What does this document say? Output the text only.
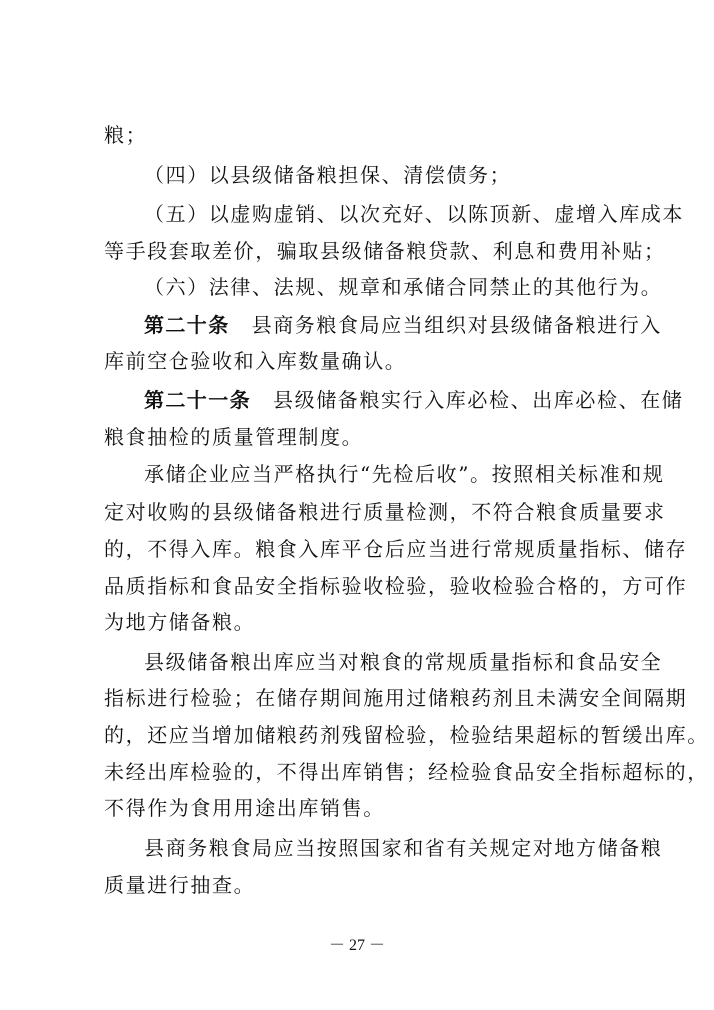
粮；
（四）以县级储备粮担保、清偿债务；
（五）以虚购虚销、以次充好、以陈顶新、虚增入库成本
等手段套取差价，骗取县级储备粮贷款、利息和费用补贴；
（六）法律、法规、规章和承储合同禁止的其他行为。
第二十条 县商务粮食局应当组织对县级储备粮进行入
库前空仓验收和入库数量确认。
第二十一条 县级储备粮实行入库必检、出库必检、在储
粮食抽检的质量管理制度。
承储企业应当严格执行“先检后收”。按照相关标准和规
定对收购的县级储备粮进行质量检测，不符合粮食质量要求
的，不得入库。粮食入库平仓后应当进行常规质量指标、储存
品质指标和食品安全指标验收检验，验收检验合格的，方可作
为地方储备粮。
县级储备粮出库应当对粮食的常规质量指标和食品安全
指标进行检验；在储存期间施用过储粮药剂且未满安全间隔期
的，还应当增加储粮药剂残留检验，检验结果超标的暂缓出库。
未经出库检验的，不得出库销售；经检验食品安全指标超标的，
不得作为食用用途出库销售。
县商务粮食局应当按照国家和省有关规定对地方储备粮
质量进行抽查。
－ 27 －
